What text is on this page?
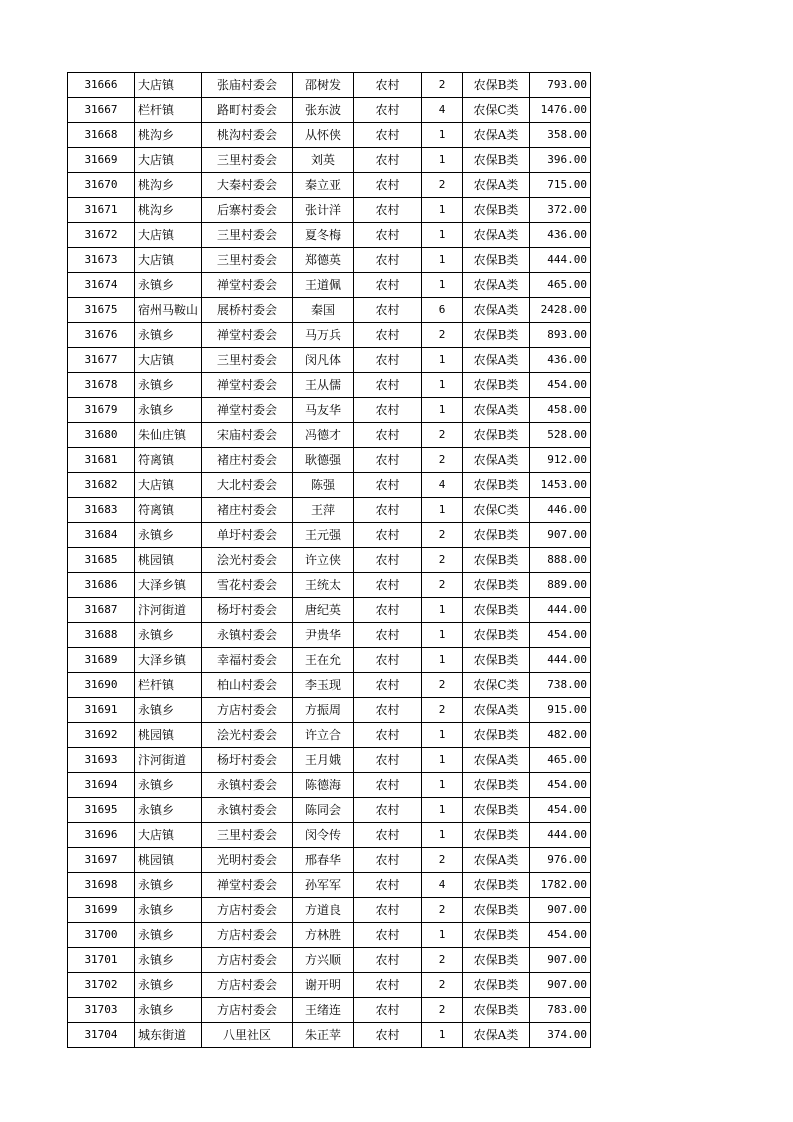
31666	大店镇	张庙村委会	邵树发	农村	2	农保B类	793.00
31667	栏杆镇	路町村委会	张东波	农村	4	农保C类	1476.00
31668	桃沟乡	桃沟村委会	从怀侠	农村	1	农保A类	358.00
31669	大店镇	三里村委会	刘英	农村	1	农保B类	396.00
31670	桃沟乡	大秦村委会	秦立亚	农村	2	农保A类	715.00
31671	桃沟乡	后寨村委会	张计洋	农村	1	农保B类	372.00
31672	大店镇	三里村委会	夏冬梅	农村	1	农保A类	436.00
31673	大店镇	三里村委会	郑德英	农村	1	农保B类	444.00
31674	永镇乡	禅堂村委会	王道佩	农村	1	农保A类	465.00
31675	宿州马鞍山	展桥村委会	秦国	农村	6	农保A类	2428.00
31676	永镇乡	禅堂村委会	马万兵	农村	2	农保B类	893.00
31677	大店镇	三里村委会	闵凡体	农村	1	农保A类	436.00
31678	永镇乡	禅堂村委会	王从儒	农村	1	农保B类	454.00
31679	永镇乡	禅堂村委会	马友华	农村	1	农保A类	458.00
31680	朱仙庄镇	宋庙村委会	冯德才	农村	2	农保B类	528.00
31681	符离镇	褚庄村委会	耿德强	农村	2	农保A类	912.00
31682	大店镇	大北村委会	陈强	农村	4	农保B类	1453.00
31683	符离镇	褚庄村委会	王萍	农村	1	农保C类	446.00
31684	永镇乡	单圩村委会	王元强	农村	2	农保B类	907.00
31685	桃园镇	浍光村委会	许立侠	农村	2	农保B类	888.00
31686	大泽乡镇	雪花村委会	王统太	农村	2	农保B类	889.00
31687	汴河街道	杨圩村委会	唐纪英	农村	1	农保B类	444.00
31688	永镇乡	永镇村委会	尹贵华	农村	1	农保B类	454.00
31689	大泽乡镇	幸福村委会	王在允	农村	1	农保B类	444.00
31690	栏杆镇	柏山村委会	李玉现	农村	2	农保C类	738.00
31691	永镇乡	方店村委会	方振周	农村	2	农保A类	915.00
31692	桃园镇	浍光村委会	许立合	农村	1	农保B类	482.00
31693	汴河街道	杨圩村委会	王月娥	农村	1	农保A类	465.00
31694	永镇乡	永镇村委会	陈德海	农村	1	农保B类	454.00
31695	永镇乡	永镇村委会	陈同会	农村	1	农保B类	454.00
31696	大店镇	三里村委会	闵令传	农村	1	农保B类	444.00
31697	桃园镇	光明村委会	邢春华	农村	2	农保A类	976.00
31698	永镇乡	禅堂村委会	孙军军	农村	4	农保B类	1782.00
31699	永镇乡	方店村委会	方道良	农村	2	农保B类	907.00
31700	永镇乡	方店村委会	方林胜	农村	1	农保B类	454.00
31701	永镇乡	方店村委会	方兴顺	农村	2	农保B类	907.00
31702	永镇乡	方店村委会	谢开明	农村	2	农保B类	907.00
31703	永镇乡	方店村委会	王绪连	农村	2	农保B类	783.00
31704	城东街道	八里社区	朱正苹	农村	1	农保A类	374.00
